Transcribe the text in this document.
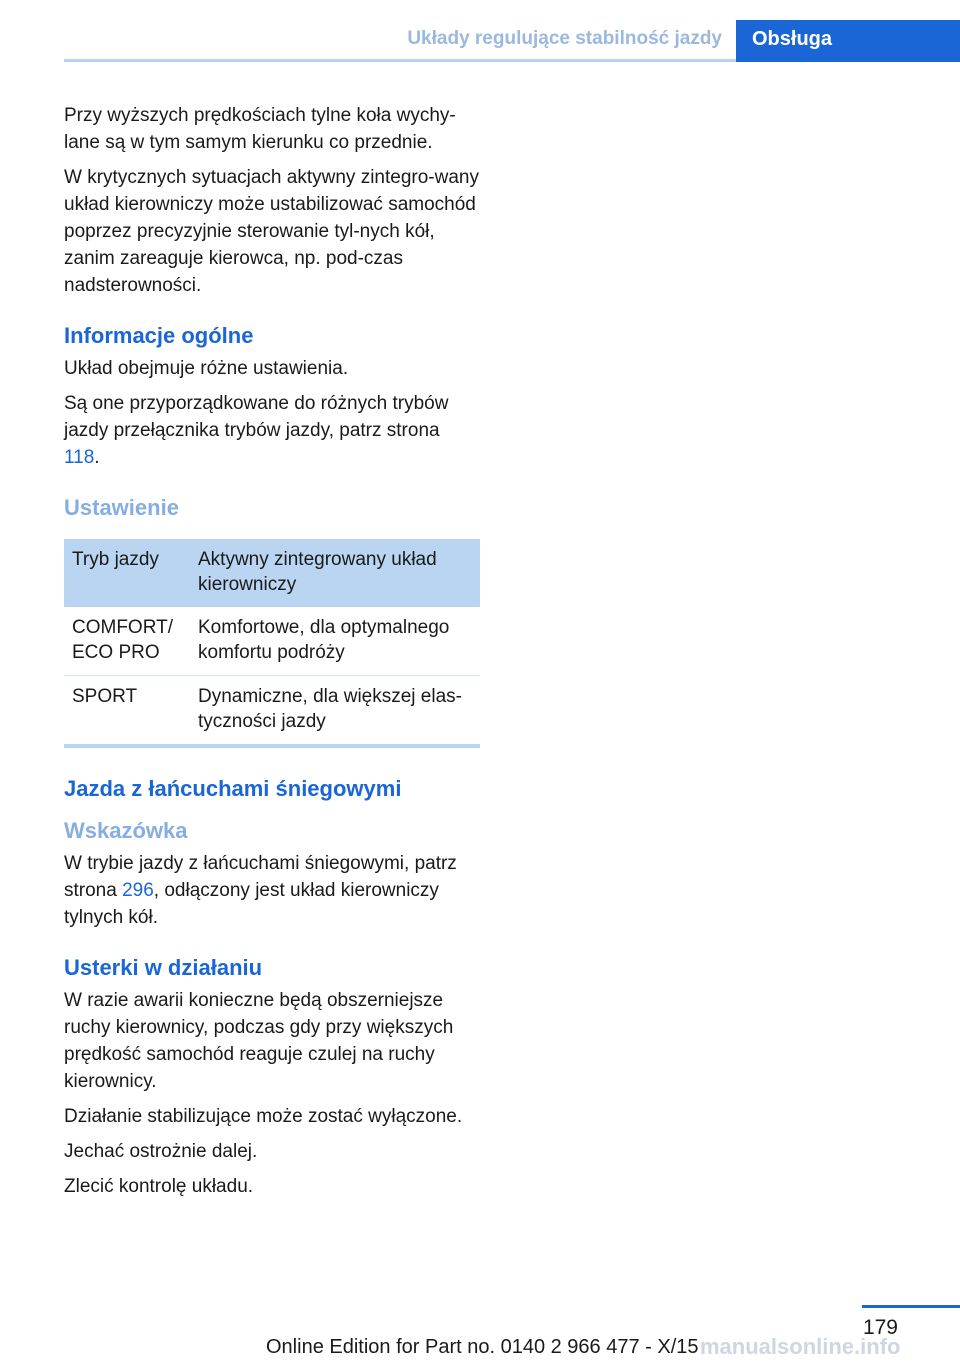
Układy regulujące stabilność jazdy	Obsługa

Przy wyższych prędkościach tylne koła wychy-lane są w tym samym kierunku co przednie.

W krytycznych sytuacjach aktywny zintegro-wany układ kierowniczy może ustabilizować samochód poprzez precyzyjnie sterowanie tyl-nych kół, zanim zareaguje kierowca, np. pod-czas nadsterowności.

Informacje ogólne

Układ obejmuje różne ustawienia.

Są one przyporządkowane do różnych trybów jazdy przełącznika trybów jazdy, patrz strona 118.

Ustawienie
Tryb jazdy	Aktywny zintegrowany układ kierowniczy
COMFORT/ ECO PRO	Komfortowe, dla optymalnego komfortu podróży
SPORT	Dynamiczne, dla większej elas-tyczności jazdy
Jazda z łańcuchami śniegowymi
Wskazówka

W trybie jazdy z łańcuchami śniegowymi, patrz strona 296, odłączony jest układ kierowniczy tylnych kół.

Usterki w działaniu

W razie awarii konieczne będą obszerniejsze ruchy kierownicy, podczas gdy przy większych prędkość samochód reaguje czulej na ruchy kierownicy.

Działanie stabilizujące może zostać wyłączone.

Jechać ostrożnie dalej.

Zlecić kontrolę układu.

179
Online Edition for Part no. 0140 2 966 477 - X/15 manualsonline.info
